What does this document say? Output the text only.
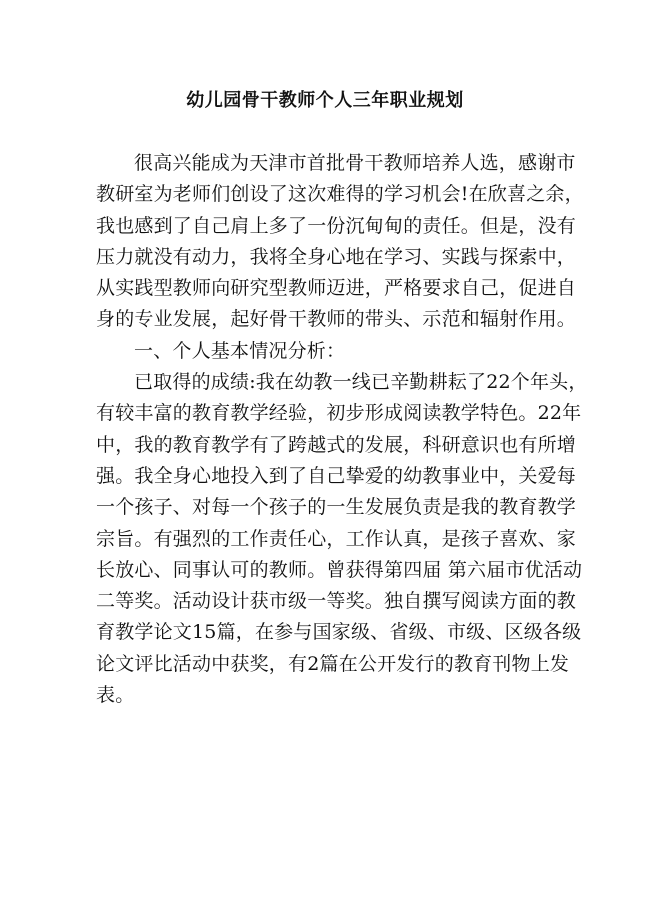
幼儿园骨干教师个人三年职业规划
很高兴能成为天津市首批骨干教师培养人选，感谢市
教研室为老师们创设了这次难得的学习机会!在欣喜之余，
我也感到了自己肩上多了一份沉甸甸的责任。但是，没有
压力就没有动力，我将全身心地在学习、实践与探索中，
从实践型教师向研究型教师迈进，严格要求自己，促进自
身的专业发展，起好骨干教师的带头、示范和辐射作用。
一、个人基本情况分析：
已取得的成绩:我在幼教一线已辛勤耕耘了22个年头，
有较丰富的教育教学经验，初步形成阅读教学特色。22年
中，我的教育教学有了跨越式的发展，科研意识也有所增
强。我全身心地投入到了自己挚爱的幼教事业中，关爱每
一个孩子、对每一个孩子的一生发展负责是我的教育教学
宗旨。有强烈的工作责任心，工作认真，是孩子喜欢、家
长放心、同事认可的教师。曾获得第四届 第六届市优活动
二等奖。活动设计获市级一等奖。独自撰写阅读方面的教
育教学论文15篇，在参与国家级、省级、市级、区级各级
论文评比活动中获奖，有2篇在公开发行的教育刊物上发
表。
